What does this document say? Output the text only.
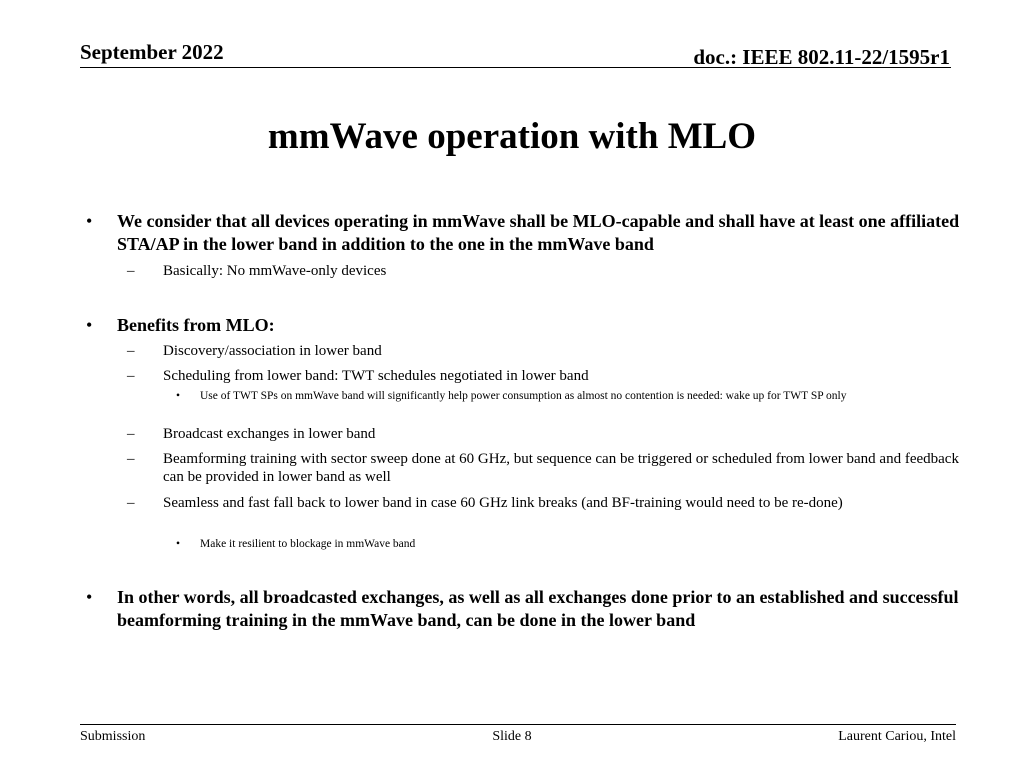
September 2022	doc.: IEEE 802.11-22/1595r1
mmWave operation with MLO
• We consider that all devices operating in mmWave shall be MLO-capable and shall have at least one affiliated STA/AP in the lower band in addition to the one in the mmWave band
– Basically: No mmWave-only devices
• Benefits from MLO:
– Discovery/association in lower band
– Scheduling from lower band: TWT schedules negotiated in lower band
• Use of TWT SPs on mmWave band will significantly help power consumption as almost no contention is needed: wake up for TWT SP only
– Broadcast exchanges in lower band
– Beamforming training with sector sweep done at 60 GHz, but sequence can be triggered or scheduled from lower band and feedback can be provided in lower band as well
– Seamless and fast fall back to lower band in case 60 GHz link breaks (and BF-training would need to be re-done)
• Make it resilient to blockage in mmWave band
• In other words, all broadcasted exchanges, as well as all exchanges done prior to an established and successful beamforming training in the mmWave band, can be done in the lower band
Submission	Slide 8	Laurent Cariou, Intel
